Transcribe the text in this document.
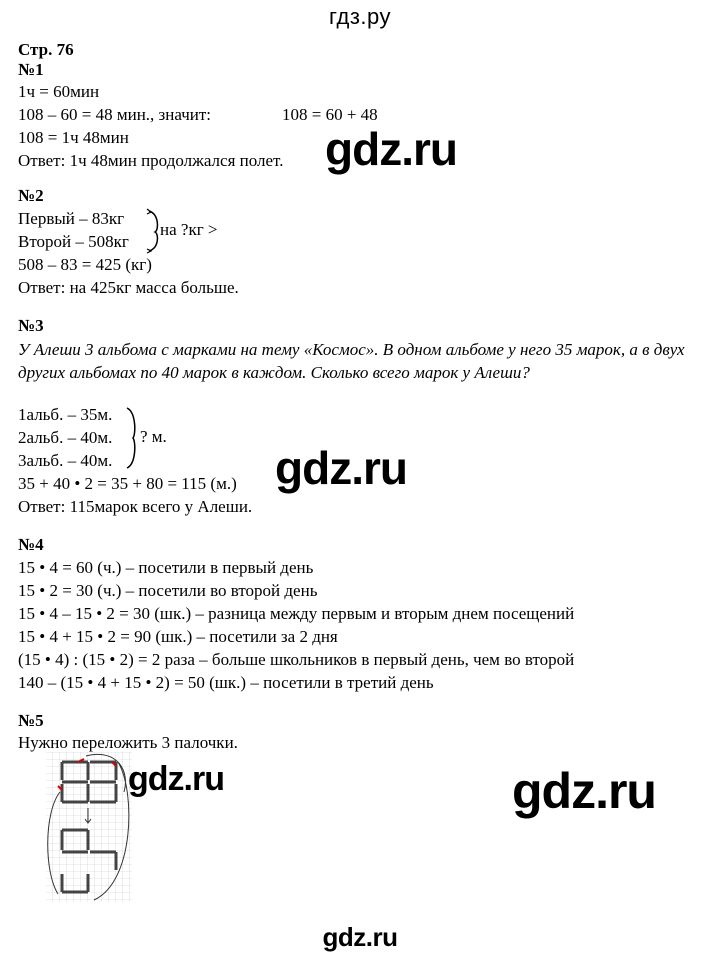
гдз.ру
Стр. 76
№1
1ч = 60мин
108 – 60 = 48 мин., значит:	108 = 60 + 48
108 = 1ч 48мин
Ответ: 1ч 48мин продолжался полет. gdz.ru
№2
Первый – 83кг
Второй – 508кг
на ?кг >
508 – 83 = 425 (кг)
Ответ: на 425кг масса больше.
№3
У Алеши 3 альбома с марками на тему «Космос». В одном альбоме у него 35 марок, а в двух других альбомах по 40 марок в каждом. Сколько всего марок у Алеши?
1альб. – 35м.
2альб. – 40м.
3альб. – 40м.
? м.
35 + 40 • 2 = 35 + 80 = 115 (м.)
Ответ: 115марок всего у Алеши.
gdz.ru
№4
15 • 4 = 60 (ч.) – посетили в первый день
15 • 2 = 30 (ч.) – посетили во второй день
15 • 4 – 15 • 2 = 30 (шк.) – разница между первым и вторым днем посещений
15 • 4 + 15 • 2 = 90 (шк.) – посетили за 2 дня
(15 • 4) : (15 • 2) = 2 раза – больше школьников в первый день, чем во второй
140 – (15 • 4 + 15 • 2) = 50 (шк.) – посетили в третий день
№5
Нужно переложить 3 палочки.
gdz.ru	gdz.ru
gdz.ru
